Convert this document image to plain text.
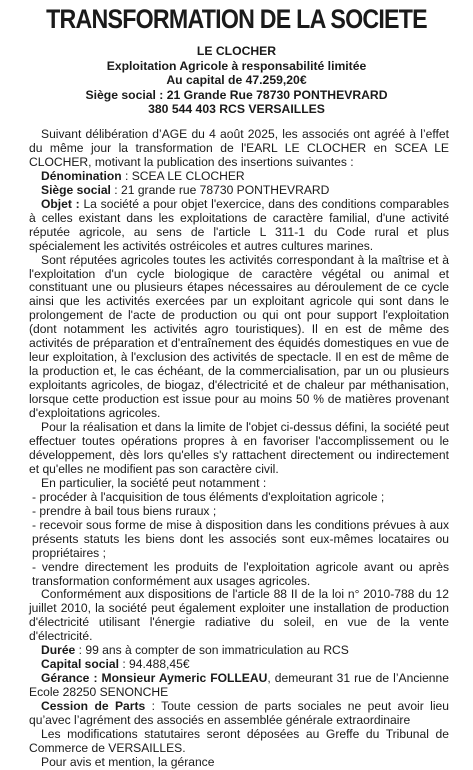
TRANSFORMATION DE LA SOCIETE
LE CLOCHER
Exploitation Agricole à responsabilité limitée
Au capital de 47.259,20€
Siège social : 21 Grande Rue 78730 PONTHEVRARD
380 544 403 RCS VERSAILLES

Suivant délibération d’AGE du 4 août 2025, les associés ont agréé à l’effet du même jour la transformation de l'EARL LE CLOCHER en SCEA LE CLOCHER, motivant la publication des insertions suivantes :

Dénomination : SCEA LE CLOCHER

Siège social : 21 grande rue 78730 PONTHEVRARD

Objet : La société a pour objet l'exercice, dans des conditions comparables à celles existant dans les exploitations de caractère familial, d'une activité réputée agricole, au sens de l'article L 311-1 du Code rural et plus spécialement les activités ostréicoles et autres cultures marines.

Sont réputées agricoles toutes les activités correspondant à la maîtrise et à l'exploitation d'un cycle biologique de caractère végétal ou animal et constituant une ou plusieurs étapes nécessaires au déroulement de ce cycle ainsi que les activités exercées par un exploitant agricole qui sont dans le prolongement de l'acte de production ou qui ont pour support l'exploitation (dont notamment les activités agro touristiques). Il en est de même des activités de préparation et d'entraînement des équidés domestiques en vue de leur exploitation, à l'exclusion des activités de spectacle. Il en est de même de la production et, le cas échéant, de la commercialisation, par un ou plusieurs exploitants agricoles, de biogaz, d'électricité et de chaleur par méthanisation, lorsque cette production est issue pour au moins 50 % de matières provenant d'exploitations agricoles.

Pour la réalisation et dans la limite de l'objet ci-dessus défini, la société peut effectuer toutes opérations propres à en favoriser l'accomplissement ou le développement, dès lors qu'elles s'y rattachent directement ou indirectement et qu'elles ne modifient pas son caractère civil.

En particulier, la société peut notamment :

- procéder à l'acquisition de tous éléments d'exploitation agricole ;

- prendre à bail tous biens ruraux ;

- recevoir sous forme de mise à disposition dans les conditions prévues à aux présents statuts les biens dont les associés sont eux-mêmes locataires ou propriétaires ;

- vendre directement les produits de l'exploitation agricole avant ou après transformation conformément aux usages agricoles.

Conformément aux dispositions de l'article 88 II de la loi n° 2010-788 du 12 juillet 2010, la société peut également exploiter une installation de production d'électricité utilisant l'énergie radiative du soleil, en vue de la vente d'électricité.

Durée : 99 ans à compter de son immatriculation au RCS

Capital social : 94.488,45€

Gérance : Monsieur Aymeric FOLLEAU, demeurant 31 rue de l’Ancienne Ecole 28250 SENONCHE

Cession de Parts : Toute cession de parts sociales ne peut avoir lieu qu’avec l’agrément des associés en assemblée générale extraordinaire

Les modifications statutaires seront déposées au Greffe du Tribunal de Commerce de VERSAILLES.

Pour avis et mention, la gérance
